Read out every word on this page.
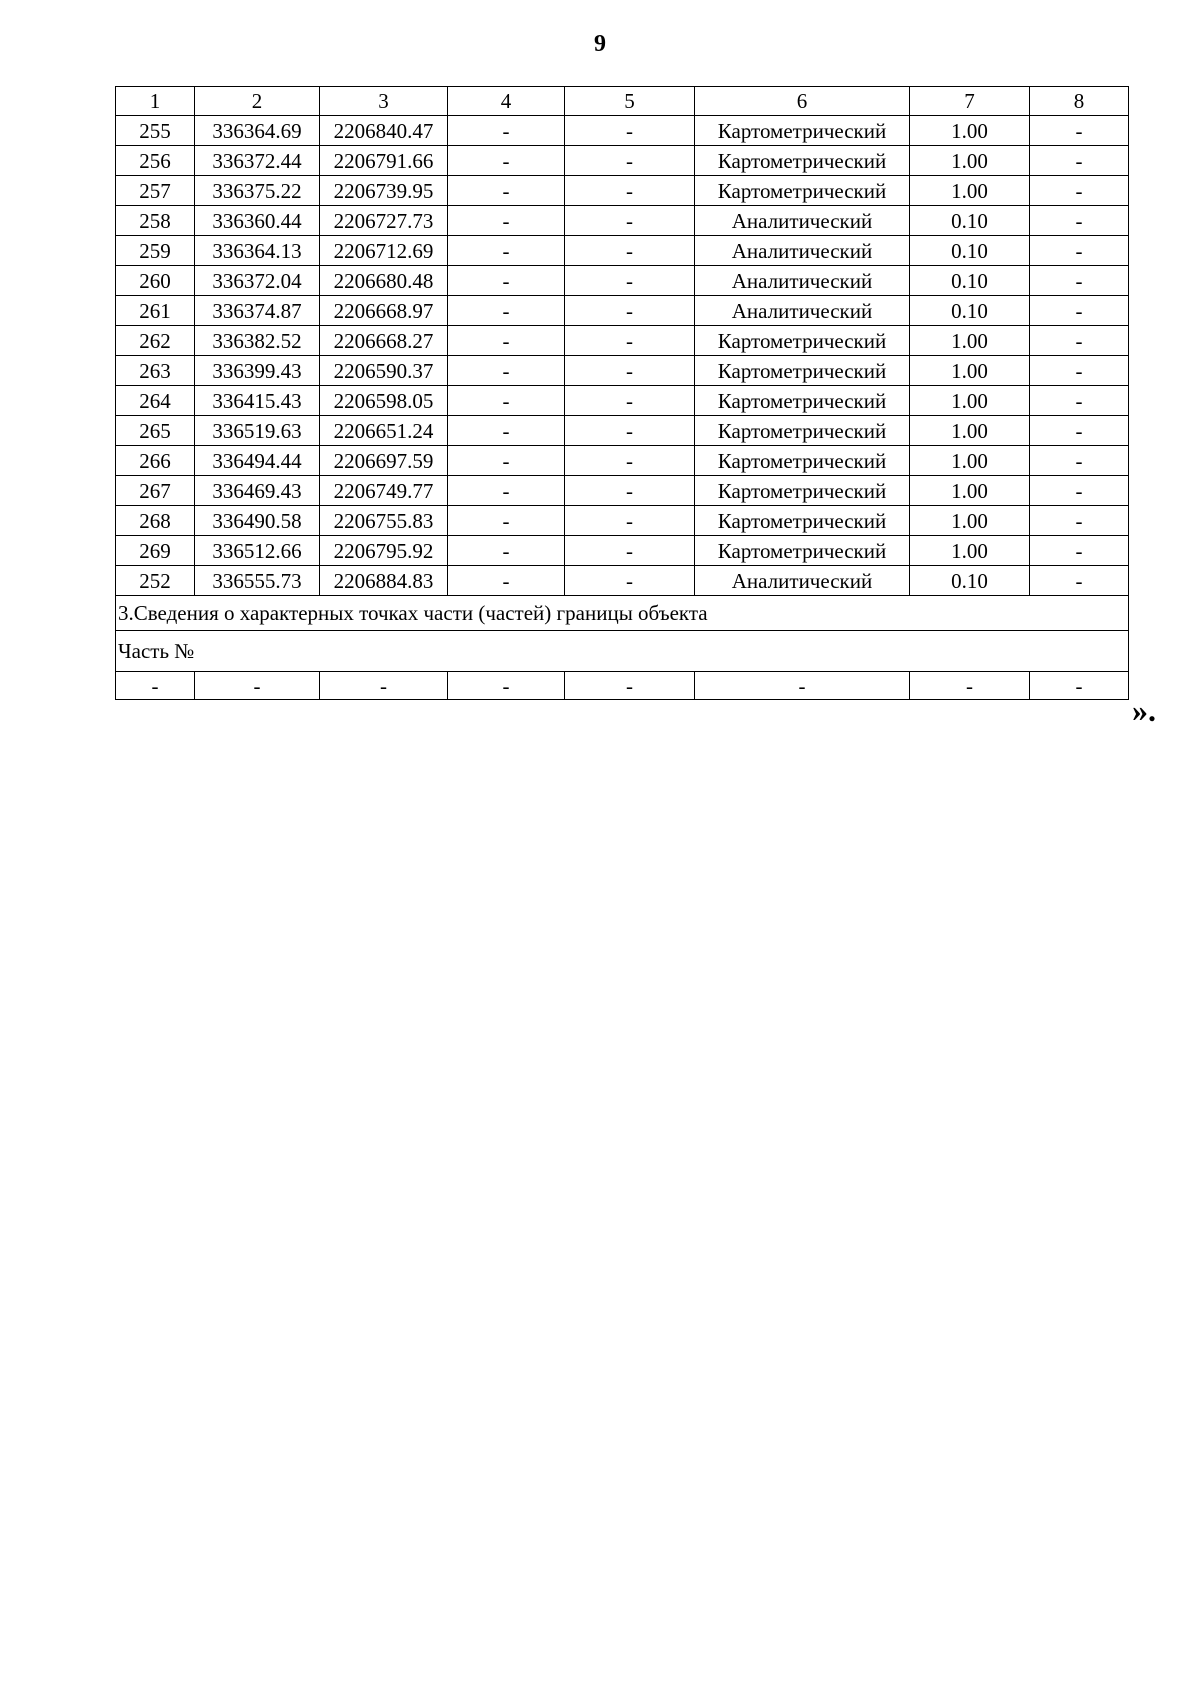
9
1	2	3	4	5	6	7	8
255	336364.69	2206840.47	-	-	Картометрический	1.00	-
256	336372.44	2206791.66	-	-	Картометрический	1.00	-
257	336375.22	2206739.95	-	-	Картометрический	1.00	-
258	336360.44	2206727.73	-	-	Аналитический	0.10	-
259	336364.13	2206712.69	-	-	Аналитический	0.10	-
260	336372.04	2206680.48	-	-	Аналитический	0.10	-
261	336374.87	2206668.97	-	-	Аналитический	0.10	-
262	336382.52	2206668.27	-	-	Картометрический	1.00	-
263	336399.43	2206590.37	-	-	Картометрический	1.00	-
264	336415.43	2206598.05	-	-	Картометрический	1.00	-
265	336519.63	2206651.24	-	-	Картометрический	1.00	-
266	336494.44	2206697.59	-	-	Картометрический	1.00	-
267	336469.43	2206749.77	-	-	Картометрический	1.00	-
268	336490.58	2206755.83	-	-	Картометрический	1.00	-
269	336512.66	2206795.92	-	-	Картометрический	1.00	-
252	336555.73	2206884.83	-	-	Аналитический	0.10	-
3.Сведения о характерных точках части (частей) границы объекта							
Часть №							
-	-	-	-	-	-	-	-
».
